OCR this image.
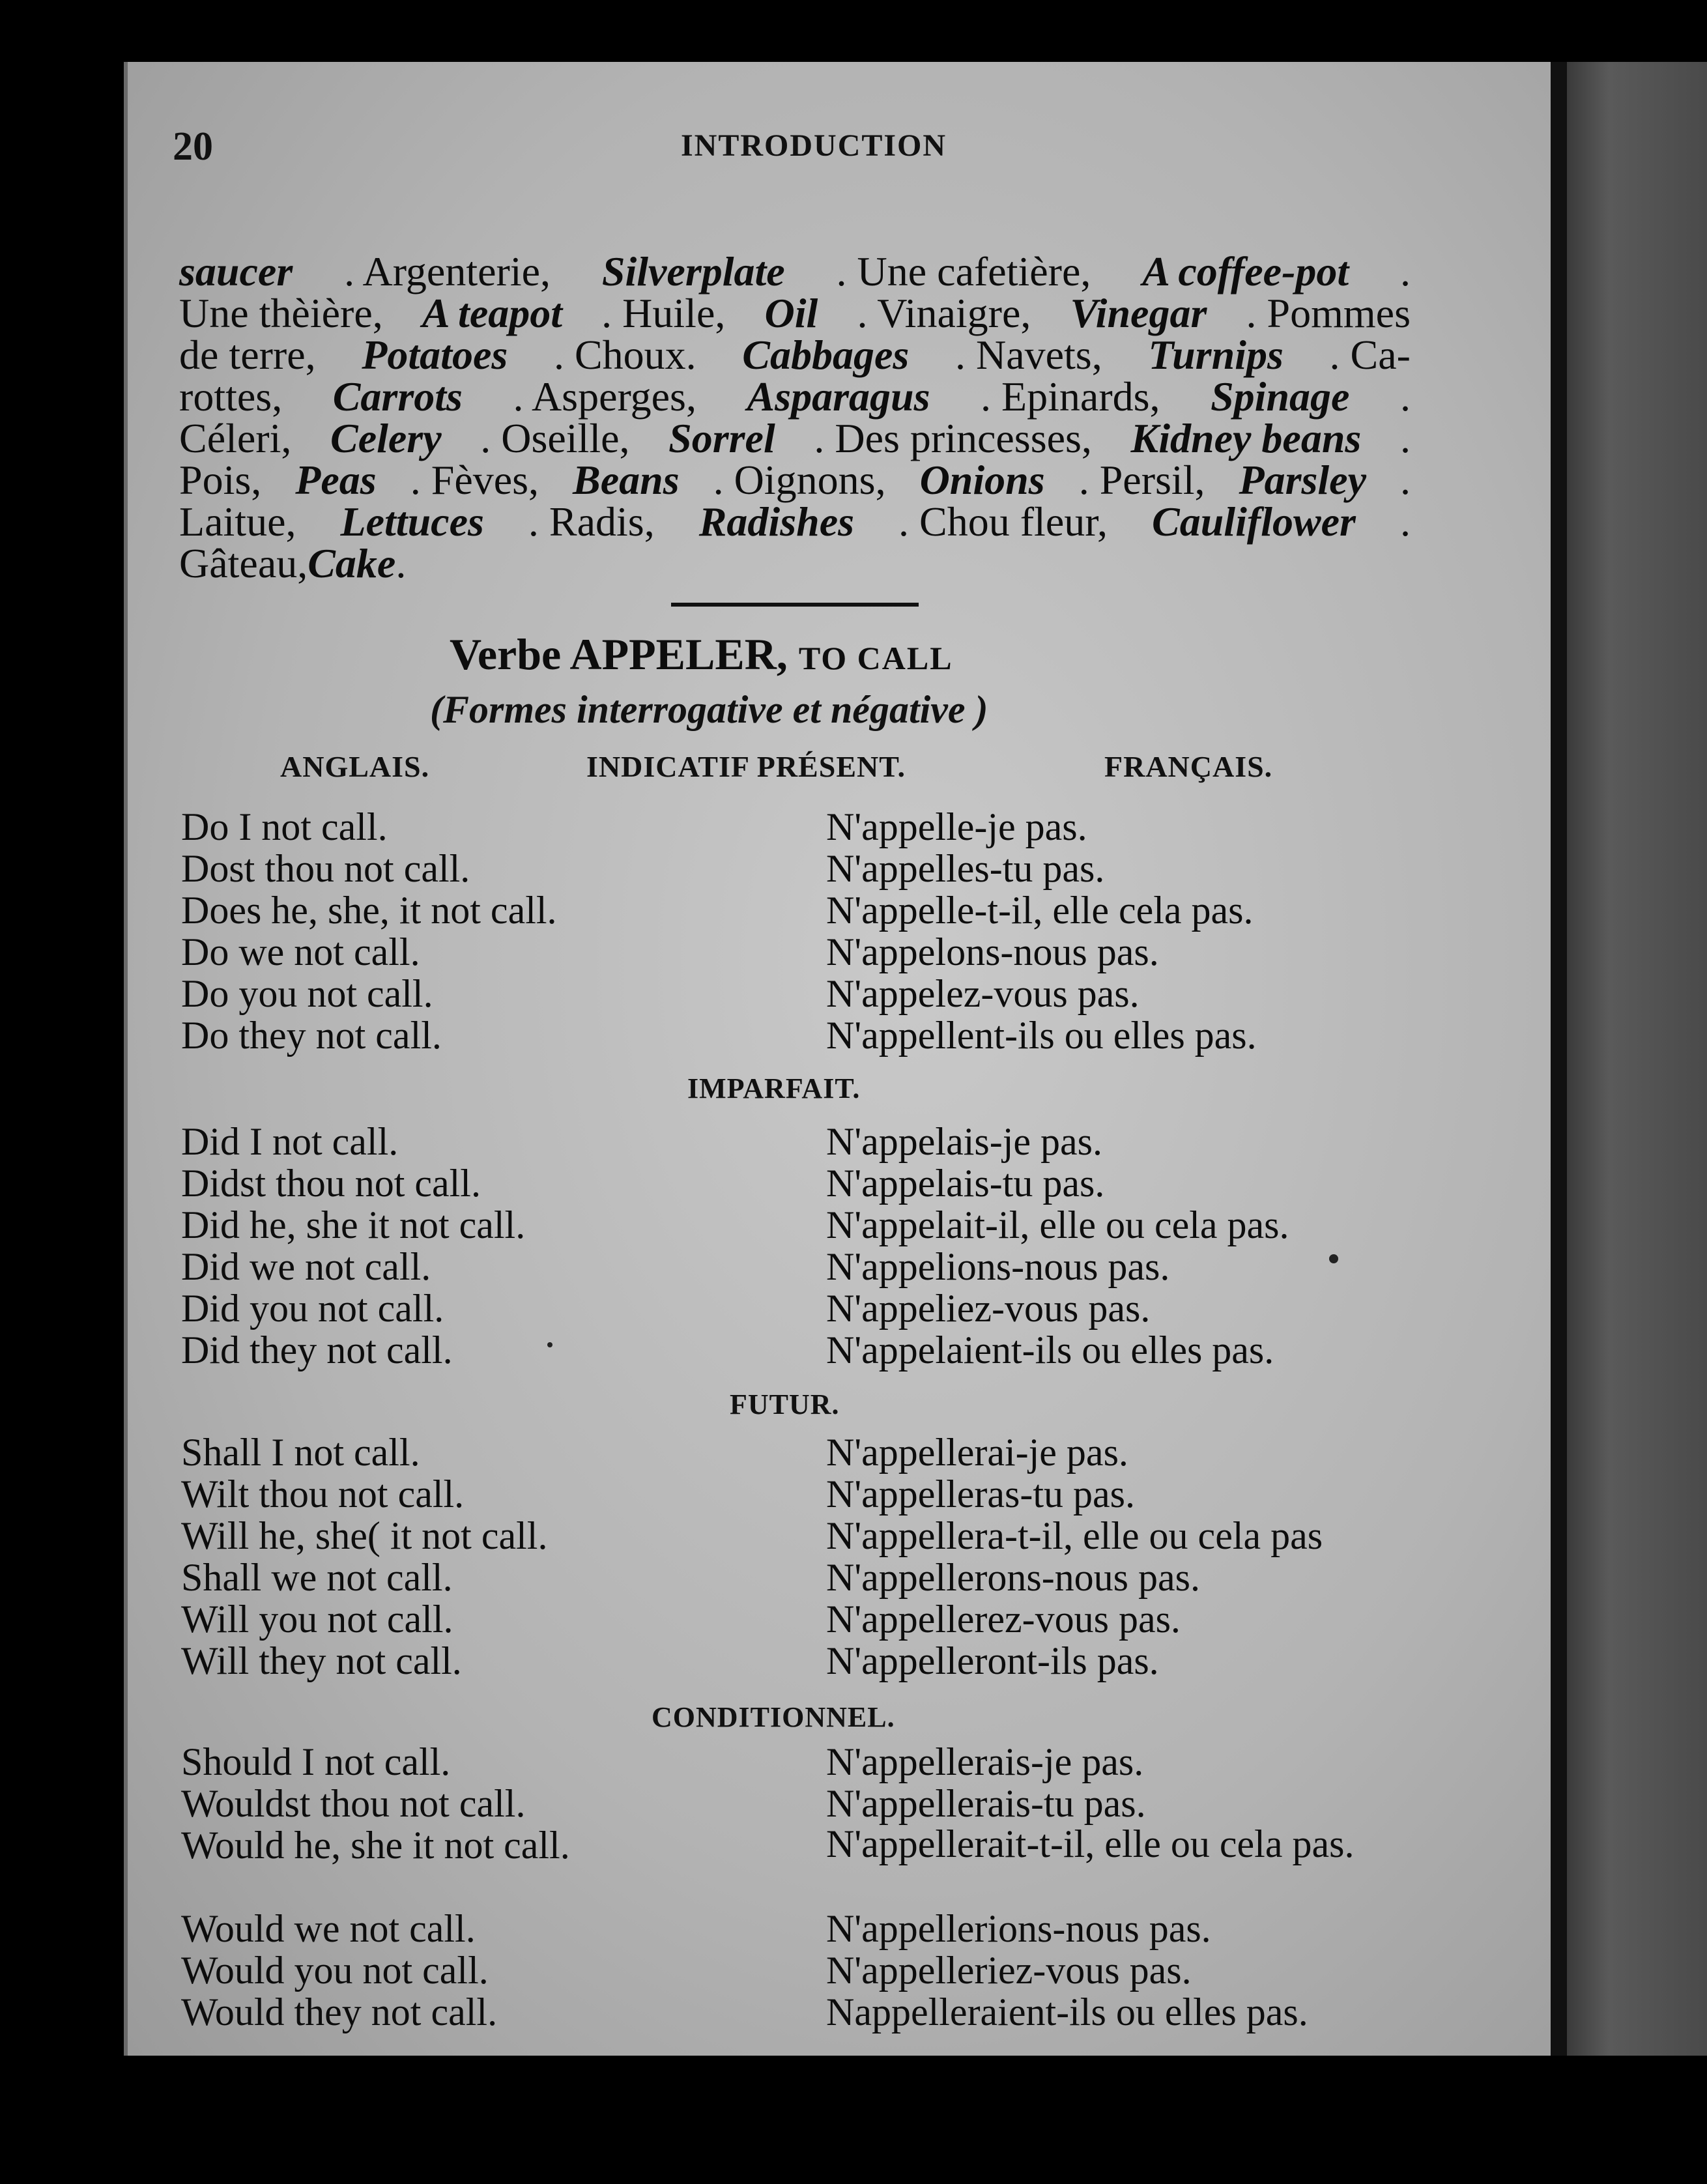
20	INTRODUCTION
saucer . Argenterie, Silverplate . Une cafetière, A coffee-pot .
Une thèière, A teapot . Huile, Oil . Vinaigre, Vinegar . Pommes
de terre, Potatoes . Choux. Cabbages . Navets, Turnips . Ca-
rottes, Carrots . Asperges, Asparagus . Epinards, Spinage .
Céleri, Celery . Oseille, Sorrel . Des princesses, Kidney beans .
Pois, Peas . Fèves, Beans . Oignons, Onions . Persil, Parsley .
Laitue, Lettuces . Radis, Radishes . Chou fleur, Cauliflower .
Gâteau, Cake .
Verbe APPELER, TO CALL
(Formes interrogative et négative )
ANGLAIS.	INDICATIF PRÉSENT.	FRANÇAIS.
Do I not call.	N'appelle-je pas.
Dost thou not call.	N'appelles-tu pas.
Does he, she, it not call.	N'appelle-t-il, elle cela pas.
Do we not call.	N'appelons-nous pas.
Do you not call.	N'appelez-vous pas.
Do they not call.	N'appellent-ils ou elles pas.
IMPARFAIT.
Did I not call.	N'appelais-je pas.
Didst thou not call.	N'appelais-tu pas.
Did he, she it not call.	N'appelait-il, elle ou cela pas.
Did we not call.	N'appelions-nous pas.
Did you not call.	N'appeliez-vous pas.
Did they not call.	N'appelaient-ils ou elles pas.
FUTUR.
Shall I not call.	N'appellerai-je pas.
Wilt thou not call.	N'appelleras-tu pas.
Will he, she( it not call.	N'appellera-t-il, elle ou cela pas
Shall we not call.	N'appellerons-nous pas.
Will you not call.	N'appellerez-vous pas.
Will they not call.	N'appelleront-ils pas.
CONDITIONNEL.
Should I not call.	N'appellerais-je pas.
Wouldst thou not call.	N'appellerais-tu pas.
Would he, she it not call.	N'appellerait-t-il, elle ou cela pas.
Would we not call.	N'appellerions-nous pas.
Would you not call.	N'appelleriez-vous pas.
Would they not call.	Nappelleraient-ils ou elles pas.
